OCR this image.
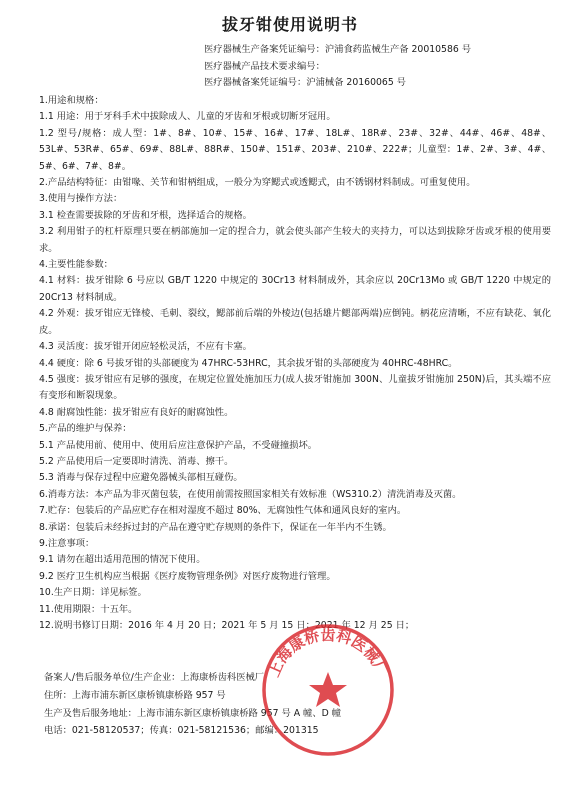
拔牙钳使用说明书
医疗器械生产备案凭证编号：沪浦食药监械生产备 20010586 号
医疗器械产品技术要求编号：
医疗器械备案凭证编号：沪浦械备 20160065 号

1.用途和规格：

1.1 用途：用于牙科手术中拔除成人、儿童的牙齿和牙根或切断牙冠用。

1.2 型号/规格：成人型：1#、8#、10#、15#、16#、17#、18L#、18R#、23#、32#、44#、46#、48#、53L#、53R#、65#、69#、88L#、88R#、150#、151#、203#、210#、222#；儿童型：1#、2#、3#、4#、5#、6#、7#、8#。

2.产品结构特征：由钳喙、关节和钳柄组成，一般分为穿鳃式或透鳃式，由不锈钢材料制成。可重复使用。

3.使用与操作方法：

3.1 检查需要拔除的牙齿和牙根，选择适合的规格。

3.2 利用钳子的杠杆原理只要在柄部施加一定的捏合力，就会使头部产生较大的夹持力，可以达到拔除牙齿或牙根的使用要求。

4.主要性能参数：

4.1 材料：拔牙钳除 6 号应以 GB/T 1220 中规定的 30Cr13 材料制成外，其余应以 20Cr13Mo 或 GB/T 1220 中规定的 20Cr13 材料制成。

4.2 外观：拔牙钳应无锋棱、毛刺、裂纹，鳃部前后端的外棱边(包括雄片鳃部两端)应倒钝。柄花应清晰，不应有缺花、氧化皮。

4.3 灵活度：拔牙钳开闭应轻松灵活，不应有卡塞。

4.4 硬度：除 6 号拔牙钳的头部硬度为 47HRC-53HRC，其余拔牙钳的头部硬度为 40HRC-48HRC。

4.5 强度：拔牙钳应有足够的强度，在规定位置处施加压力(成人拔牙钳施加 300N、儿童拔牙钳施加 250N)后，其头端不应有变形和断裂现象。

4.8 耐腐蚀性能：拔牙钳应有良好的耐腐蚀性。

5.产品的维护与保养：

5.1 产品使用前、使用中、使用后应注意保护产品，不受碰撞损坏。

5.2 产品使用后一定要即时清洗、消毒、擦干。

5.3 消毒与保存过程中应避免器械头部相互碰伤。

6.消毒方法：本产品为非灭菌包装，在使用前需按照国家相关有效标准（WS310.2）清洗消毒及灭菌。

7.贮存：包装后的产品应贮存在相对湿度不超过 80%、无腐蚀性气体和通风良好的室内。

8.承诺：包装后未经拆过封的产品在遵守贮存规则的条件下，保证在一年半内不生锈。

9.注意事项：

9.1 请勿在超出适用范围的情况下使用。

9.2 医疗卫生机构应当根据《医疗废物管理条例》对医疗废物进行管理。

10.生产日期：详见标签。

11.使用期限：十五年。

12.说明书修订日期：2016 年 4 月 20 日；2021 年 5 月 15 日；2021 年 12 月 25 日；

备案人/售后服务单位/生产企业：上海康桥齿科医械厂

住所：上海市浦东新区康桥镇康桥路 957 号

生产及售后服务地址：上海市浦东新区康桥镇康桥路 957 号 A 幢、D 幢

电话：021-58120537；传真：021-58121536；邮编：201315

上海康桥齿科医械厂
